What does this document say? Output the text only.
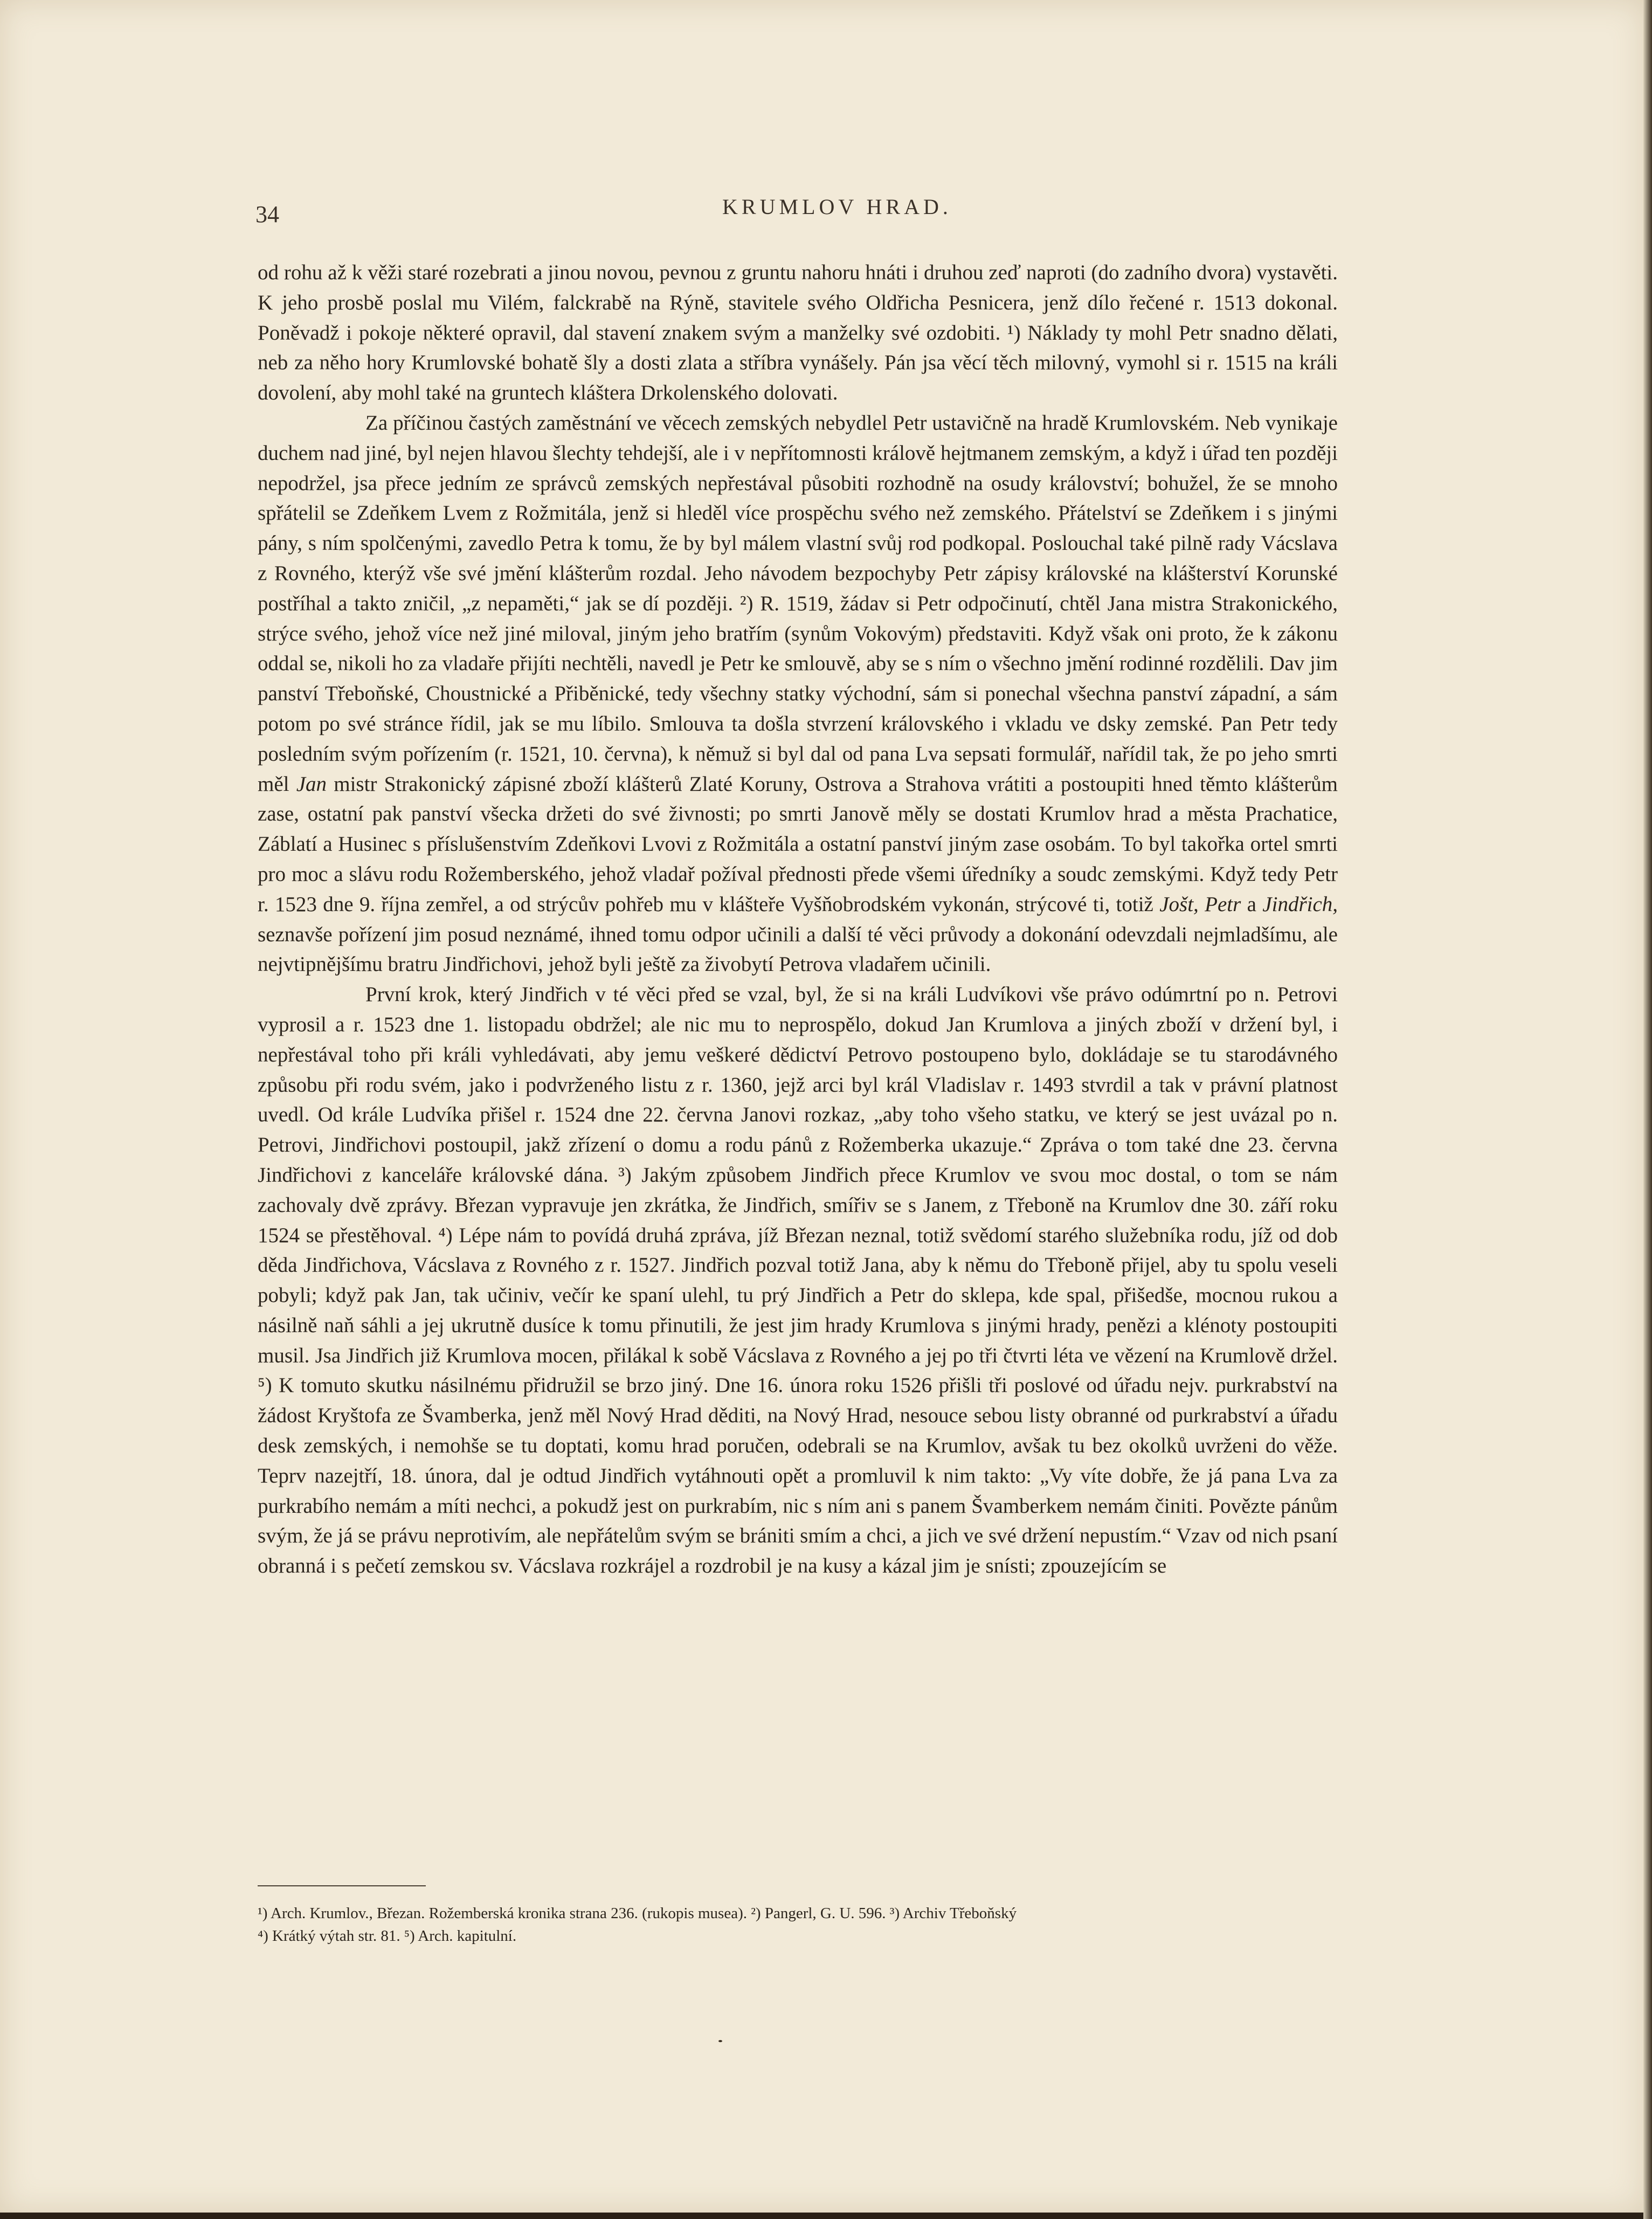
34	KRUMLOV HRAD.

od rohu až k věži staré rozebrati a jinou novou, pevnou z gruntu nahoru hnáti i druhou zeď naproti (do zadního dvora) vystavěti. K jeho prosbě poslal mu Vilém, falckrabě na Rýně, stavitele svého Oldřicha Pesnicera, jenž dílo řečené r. 1513 dokonal. Poněvadž i pokoje některé opravil, dal stavení znakem svým a manželky své ozdobiti. ¹) Náklady ty mohl Petr snadno dělati, neb za něho hory Krumlovské bohatě šly a dosti zlata a stříbra vynášely. Pán jsa věcí těch milovný, vymohl si r. 1515 na králi dovolení, aby mohl také na gruntech kláštera Drkolenského dolovati.

Za příčinou častých zaměstnání ve věcech zemských nebydlel Petr ustavičně na hradě Krumlovském. Neb vynikaje duchem nad jiné, byl nejen hlavou šlechty tehdejší, ale i v nepřítomnosti králově hejtmanem zemským, a když i úřad ten později nepodržel, jsa přece jedním ze správců zemských nepřestával působiti rozhodně na osudy království; bohužel, že se mnoho spřátelil se Zdeňkem Lvem z Rožmitála, jenž si hleděl více prospěchu svého než zemského. Přátelství se Zdeňkem i s jinými pány, s ním spolčenými, zavedlo Petra k tomu, že by byl málem vlastní svůj rod podkopal. Poslouchal také pilně rady Vácslava z Rovného, kterýž vše své jmění klášterům rozdal. Jeho návodem bezpochyby Petr zápisy královské na klášterství Korunské postříhal a takto zničil, „z nepaměti,“ jak se dí později. ²) R. 1519, žádav si Petr odpočinutí, chtěl Jana mistra Strakonického, strýce svého, jehož více než jiné miloval, jiným jeho bratřím (synům Vokovým) představiti. Když však oni proto, že k zákonu oddal se, nikoli ho za vladaře přijíti nechtěli, navedl je Petr ke smlouvě, aby se s ním o všechno jmění rodinné rozdělili. Dav jim panství Třeboňské, Choustnické a Přiběnické, tedy všechny statky východní, sám si ponechal všechna panství západní, a sám potom po své stránce řídil, jak se mu líbilo. Smlouva ta došla stvrzení královského i vkladu ve dsky zemské. Pan Petr tedy posledním svým pořízením (r. 1521, 10. června), k němuž si byl dal od pana Lva sepsati formulář, nařídil tak, že po jeho smrti měl Jan mistr Strakonický zápisné zboží klášterů Zlaté Koruny, Ostrova a Strahova vrátiti a postoupiti hned těmto klášterům zase, ostatní pak panství všecka držeti do své živnosti; po smrti Janově měly se dostati Krumlov hrad a města Prachatice, Záblatí a Husinec s příslušenstvím Zdeňkovi Lvovi z Rožmitála a ostatní panství jiným zase osobám. To byl takořka ortel smrti pro moc a slávu rodu Rožemberského, jehož vladař požíval přednosti přede všemi úředníky a soudc zemskými. Když tedy Petr r. 1523 dne 9. října zemřel, a od strýcův pohřeb mu v klášteře Vyšňobrodském vykonán, strýcové ti, totiž Jošt, Petr a Jindřich, seznavše pořízení jim posud neznámé, ihned tomu odpor učinili a další té věci průvody a dokonání odevzdali nejmladšímu, ale nejvtipnějšímu bratru Jindřichovi, jehož byli ještě za živobytí Petrova vladařem učinili.

První krok, který Jindřich v té věci před se vzal, byl, že si na králi Ludvíkovi vše právo odúmrtní po n. Petrovi vyprosil a r. 1523 dne 1. listopadu obdržel; ale nic mu to neprospělo, dokud Jan Krumlova a jiných zboží v držení byl, i nepřestával toho při králi vyhledávati, aby jemu veškeré dědictví Petrovo postoupeno bylo, dokládaje se tu starodávného způsobu při rodu svém, jako i podvrženého listu z r. 1360, jejž arci byl král Vladislav r. 1493 stvrdil a tak v právní platnost uvedl. Od krále Ludvíka přišel r. 1524 dne 22. června Janovi rozkaz, „aby toho všeho statku, ve který se jest uvázal po n. Petrovi, Jindřichovi postoupil, jakž zřízení o domu a rodu pánů z Rožemberka ukazuje.“ Zpráva o tom také dne 23. června Jindřichovi z kanceláře královské dána. ³) Jakým způsobem Jindřich přece Krumlov ve svou moc dostal, o tom se nám zachovaly dvě zprávy. Březan vypravuje jen zkrátka, že Jindřich, smířiv se s Janem, z Třeboně na Krumlov dne 30. září roku 1524 se přestěhoval. ⁴) Lépe nám to povídá druhá zpráva, jíž Březan neznal, totiž svědomí starého služebníka rodu, jíž od dob děda Jindřichova, Vácslava z Rovného z r. 1527. Jindřich pozval totiž Jana, aby k němu do Třeboně přijel, aby tu spolu veseli pobyli; když pak Jan, tak učiniv, večír ke spaní ulehl, tu prý Jindřich a Petr do sklepa, kde spal, přišedše, mocnou rukou a násilně naň sáhli a jej ukrutně dusíce k tomu přinutili, že jest jim hrady Krumlova s jinými hrady, penězi a klénoty postoupiti musil. Jsa Jindřich již Krumlova mocen, přilákal k sobě Vácslava z Rovného a jej po tři čtvrti léta ve vězení na Krumlově držel. ⁵) K tomuto skutku násilnému přidružil se brzo jiný. Dne 16. února roku 1526 přišli tři poslové od úřadu nejv. purkrabství na žádost Kryštofa ze Švamberka, jenž měl Nový Hrad děditi, na Nový Hrad, nesouce sebou listy obranné od purkrabství a úřadu desk zemských, i nemohše se tu doptati, komu hrad poručen, odebrali se na Krumlov, avšak tu bez okolků uvrženi do věže. Teprv nazejtří, 18. února, dal je odtud Jindřich vytáhnouti opět a promluvil k nim takto: „Vy víte dobře, že já pana Lva za purkrabího nemám a míti nechci, a pokudž jest on purkrabím, nic s ním ani s panem Švamberkem nemám činiti. Povězte pánům svým, že já se právu neprotivím, ale nepřátelům svým se brániti smím a chci, a jich ve své držení nepustím.“ Vzav od nich psaní obranná i s pečetí zemskou sv. Vácslava rozkrájel a rozdrobil je na kusy a kázal jim je snísti; zpouzejícím se

¹) Arch. Krumlov., Březan. Rožemberská kronika strana 236. (rukopis musea). ²) Pangerl, G. U. 596. ³) Archiv Třeboňský
⁴) Krátký výtah str. 81. ⁵) Arch. kapitulní.
